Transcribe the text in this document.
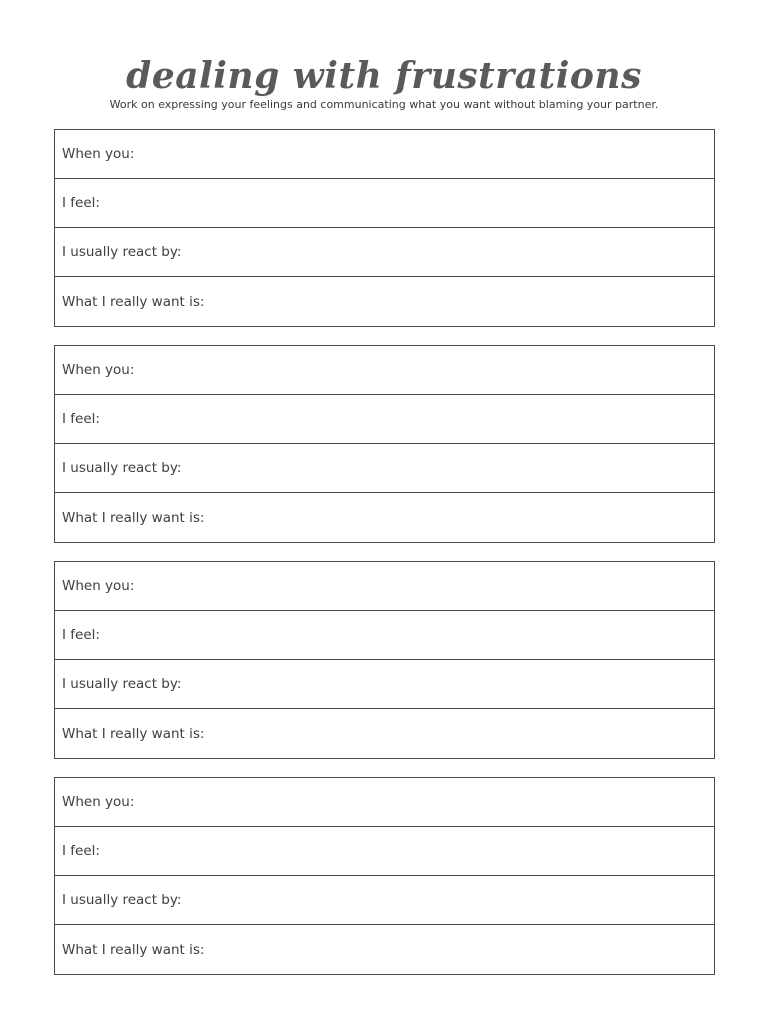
dealing with frustrations
Work on expressing your feelings and communicating what you want without blaming your partner.
When you:
I feel:
I usually react by:
What I really want is:
When you:
I feel:
I usually react by:
What I really want is:
When you:
I feel:
I usually react by:
What I really want is:
When you:
I feel:
I usually react by:
What I really want is:
